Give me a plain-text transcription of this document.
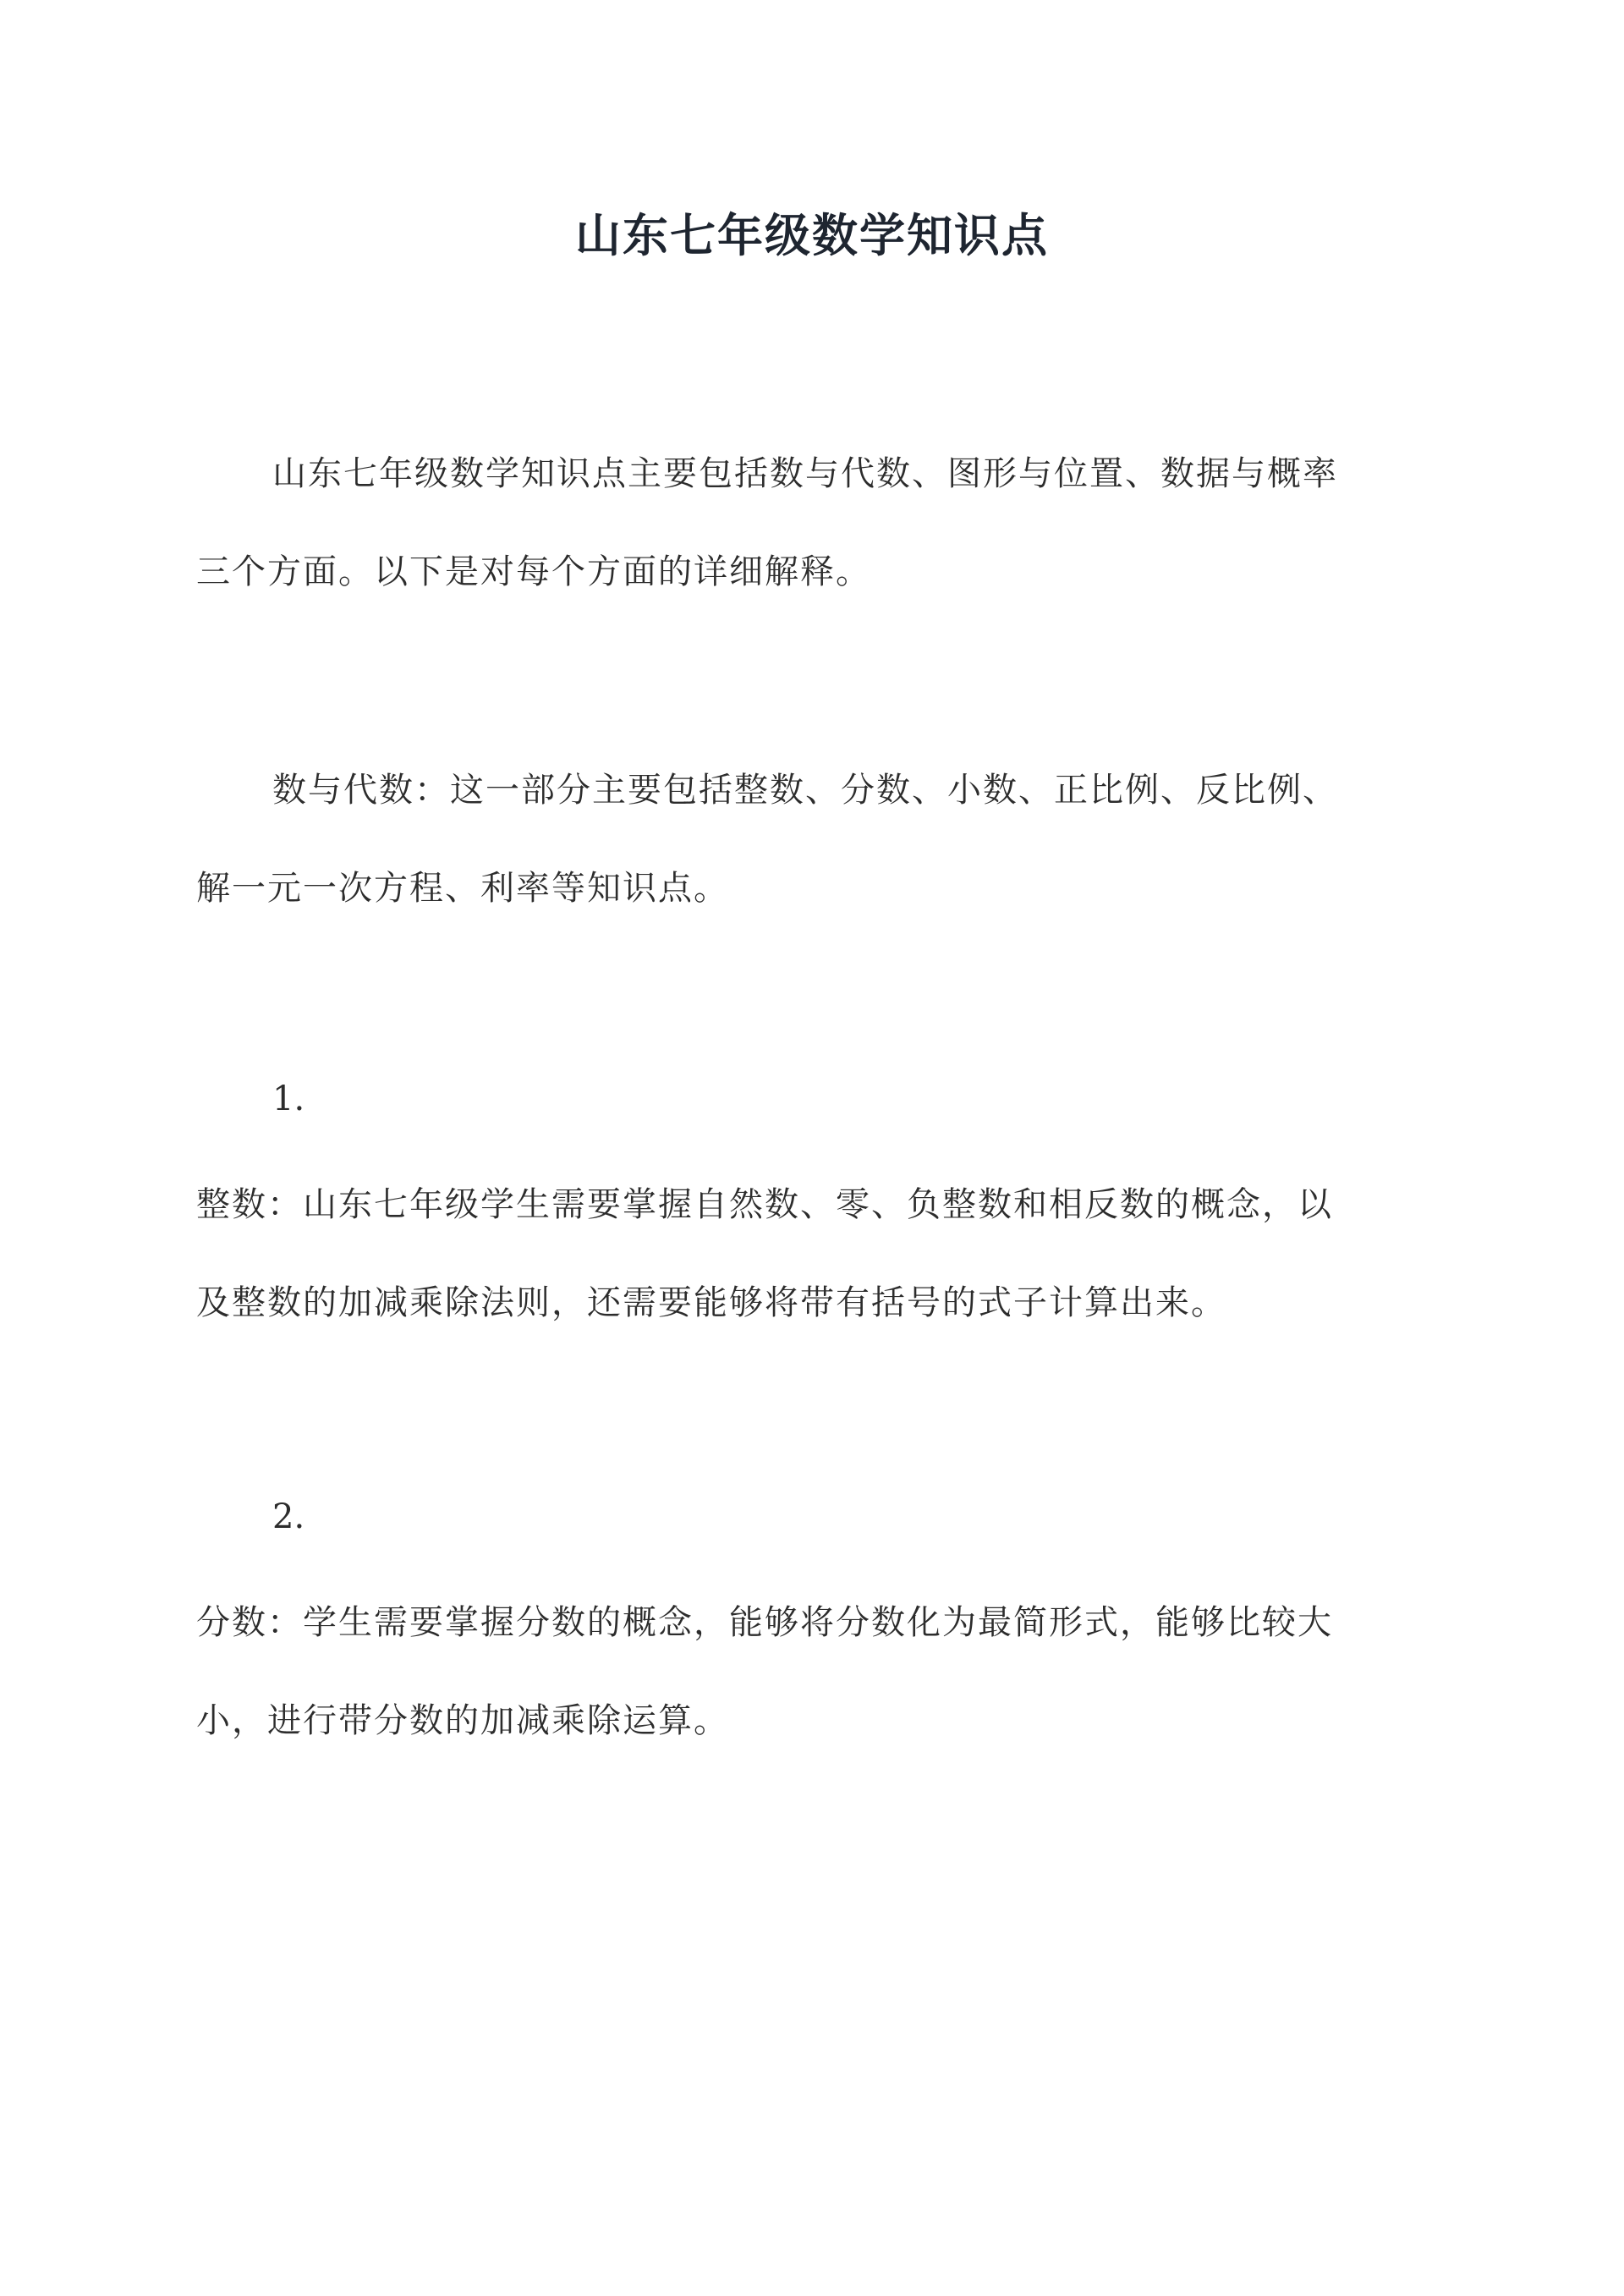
山东七年级数学知识点
山东七年级数学知识点主要包括数与代数、图形与位置、数据与概率
三个方面。以下是对每个方面的详细解释。
数与代数：这一部分主要包括整数、分数、小数、正比例、反比例、
解一元一次方程、利率等知识点。
1.
整数：山东七年级学生需要掌握自然数、零、负整数和相反数的概念，以
及整数的加减乘除法则，还需要能够将带有括号的式子计算出来。
2.
分数：学生需要掌握分数的概念，能够将分数化为最简形式，能够比较大
小，进行带分数的加减乘除运算。
